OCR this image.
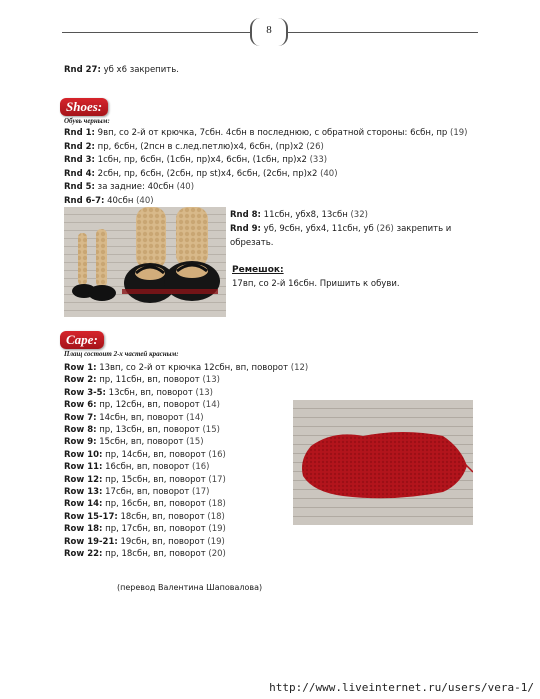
8
Rnd 27: уб х6 закрепить.
Shoes:
Обувь черным:
Rnd 1: 9вп, со 2-й от крючка, 7сбн. 4сбн в последнюю, с обратной стороны: 6сбн, пр (19)
Rnd 2: пр, 6сбн, (2псн в с.лед.петлю)х4, 6сбн, (пр)х2 (26)
Rnd 3: 1сбн, пр, 6сбн, (1сбн, пр)х4, 6сбн, (1сбн, пр)х2 (33)
Rnd 4: 2сбн, пр, 6сбн, (2сбн, пр st)х4, 6сбн, (2сбн, пр)х2 (40)
Rnd 5: за задние: 40сбн (40)
Rnd 6-7: 40сбн (40)
Rnd 8: 11сбн, убх8, 13сбн (32)
Rnd 9: уб, 9сбн, убх4, 11сбн, уб (26) закрепить и
обрезать.
Ремешок:
17вп, со 2-й 16сбн. Пришить к обуви.
Cape:
Плащ состоит 2-х частей красным:
Row 1: 13вп, со 2-й от крючка 12сбн, вп, поворот (12)
Row 2: пр, 11сбн, вп, поворот (13)
Row 3-5: 13сбн, вп, поворот (13)
Row 6: пр, 12сбн, вп, поворот (14)
Row 7: 14сбн, вп, поворот (14)
Row 8: пр, 13сбн, вп, поворот (15)
Row 9: 15сбн, вп, поворот (15)
Row 10: пр, 14сбн, вп, поворот (16)
Row 11: 16сбн, вп, поворот (16)
Row 12: пр, 15сбн, вп, поворот (17)
Row 13: 17сбн, вп, поворот (17)
Row 14: пр, 16сбн, вп, поворот (18)
Row 15-17: 18сбн, вп, поворот (18)
Row 18: пр, 17сбн, вп, поворот (19)
Row 19-21: 19сбн, вп, поворот (19)
Row 22: пр, 18сбн, вп, поворот (20)
(перевод Валентина Шаповалова)
http://www.liveinternet.ru/users/vera-1/
